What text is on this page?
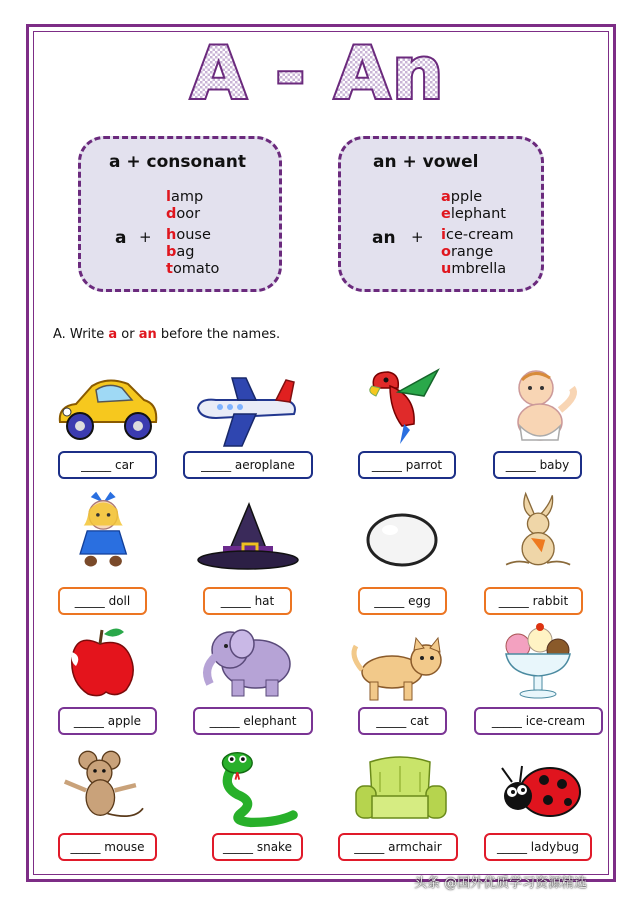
A - An
a + consonant
a +
lamp
door
house
bag
tomato
an + vowel
an +
apple
elephant
ice-cream
orange
umbrella
A. Write a or an before the names.
_____
car	_____
aeroplane	_____
parrot	_____
baby
_____
doll	_____
hat	_____
egg	_____
rabbit
_____
apple	_____
elephant	_____
cat	_____
ice-cream
_____
mouse	_____
snake	_____
armchair	_____
ladybug
头条 @国外优质学习资源精选
